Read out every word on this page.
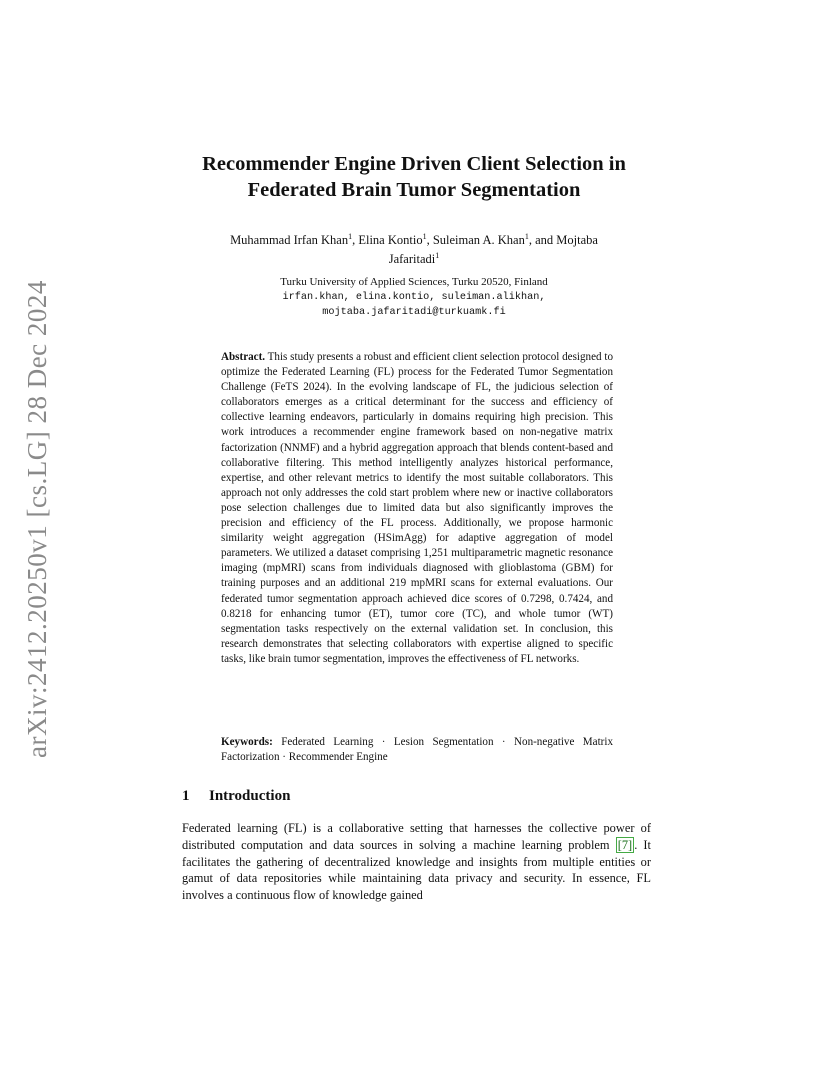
arXiv:2412.20250v1 [cs.LG] 28 Dec 2024
Recommender Engine Driven Client Selection in
Federated Brain Tumor Segmentation
Muhammad Irfan Khan$^1$, Elina Kontio$^1$, Suleiman A. Khan$^1$, and Mojtaba
Jafaritadi$^1$
Turku University of Applied Sciences, Turku 20520, Finland
irfan.khan, elina.kontio, suleiman.alikhan,
mojtaba.jafaritadi@turkuamk.fi
Abstract. This study presents a robust and efficient client selection protocol designed to optimize the Federated Learning (FL) process for the Federated Tumor Segmentation Challenge (FeTS 2024). In the evolving landscape of FL, the judicious selection of collaborators emerges as a critical determinant for the success and efficiency of collective learning endeavors, particularly in domains requiring high precision. This work introduces a recommender engine framework based on non-negative matrix factorization (NNMF) and a hybrid aggregation approach that blends content-based and collaborative filtering. This method intelligently analyzes historical performance, expertise, and other relevant metrics to identify the most suitable collaborators. This approach not only addresses the cold start problem where new or inactive collaborators pose selection challenges due to limited data but also significantly improves the precision and efficiency of the FL process. Additionally, we propose harmonic similarity weight aggregation (HSimAgg) for adaptive aggregation of model parameters. We utilized a dataset comprising 1,251 multiparametric magnetic resonance imaging (mpMRI) scans from individuals diagnosed with glioblastoma (GBM) for training purposes and an additional 219 mpMRI scans for external evaluations. Our federated tumor segmentation approach achieved dice scores of 0.7298, 0.7424, and 0.8218 for enhancing tumor (ET), tumor core (TC), and whole tumor (WT) segmentation tasks respectively on the external validation set. In conclusion, this research demonstrates that selecting collaborators with expertise aligned to specific tasks, like brain tumor segmentation, improves the effectiveness of FL networks.
Keywords: Federated Learning · Lesion Segmentation · Non-negative Matrix Factorization · Recommender Engine
1 Introduction
Federated learning (FL) is a collaborative setting that harnesses the collective power of distributed computation and data sources in solving a machine learning problem [7] . It facilitates the gathering of decentralized knowledge and insights from multiple entities or gamut of data repositories while maintaining data privacy and security. In essence, FL involves a continuous flow of knowledge gained
